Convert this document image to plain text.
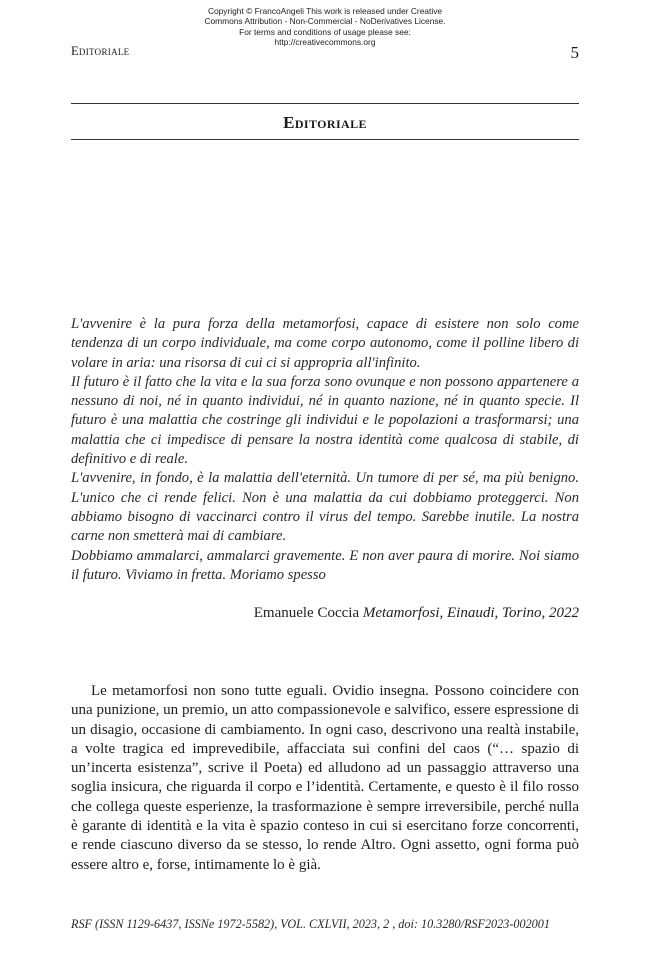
Copyright © FrancoAngeli This work is released under Creative
Commons Attribution - Non-Commercial - NoDerivatives License.
For terms and conditions of usage please see:
http://creativecommons.org
Editoriale	5
Editoriale

L'avvenire è la pura forza della metamorfosi, capace di esistere non solo come tendenza di un corpo individuale, ma come corpo autonomo, come il polline libero di volare in aria: una risorsa di cui ci si appropria all'infinito.

Il futuro è il fatto che la vita e la sua forza sono ovunque e non possono appartenere a nessuno di noi, né in quanto individui, né in quanto nazione, né in quanto specie. Il futuro è una malattia che costringe gli individui e le popolazioni a trasformarsi; una malattia che ci impedisce di pensare la nostra identità come qualcosa di stabile, di definitivo e di reale.

L'avvenire, in fondo, è la malattia dell'eternità. Un tumore di per sé, ma più benigno. L'unico che ci rende felici. Non è una malattia da cui dobbiamo proteggerci. Non abbiamo bisogno di vaccinarci contro il virus del tempo. Sarebbe inutile. La nostra carne non smetterà mai di cambiare.

Dobbiamo ammalarci, ammalarci gravemente. E non aver paura di morire. Noi siamo il futuro. Viviamo in fretta. Moriamo spesso

Emanuele Coccia Metamorfosi, Einaudi, Torino, 2022

Le metamorfosi non sono tutte eguali. Ovidio insegna. Possono coincidere con una punizione, un premio, un atto compassionevole e salvifico, essere espressione di un disagio, occasione di cambiamento. In ogni caso, descrivono una realtà instabile, a volte tragica ed imprevedibile, affacciata sui confini del caos (“… spazio di un’incerta esistenza”, scrive il Poeta) ed alludono ad un passaggio attraverso una soglia insicura, che riguarda il corpo e l’identità. Certamente, e questo è il filo rosso che collega queste esperienze, la trasformazione è sempre irreversibile, perché nulla è garante di identità e la vita è spazio conteso in cui si esercitano forze concorrenti, e rende ciascuno diverso da se stesso, lo rende Altro. Ogni assetto, ogni forma può essere altro e, forse, intimamente lo è già.

RSF (ISSN 1129-6437, ISSNe 1972-5582), VOL. CXLVII, 2023, 2 , doi: 10.3280/RSF2023-002001
